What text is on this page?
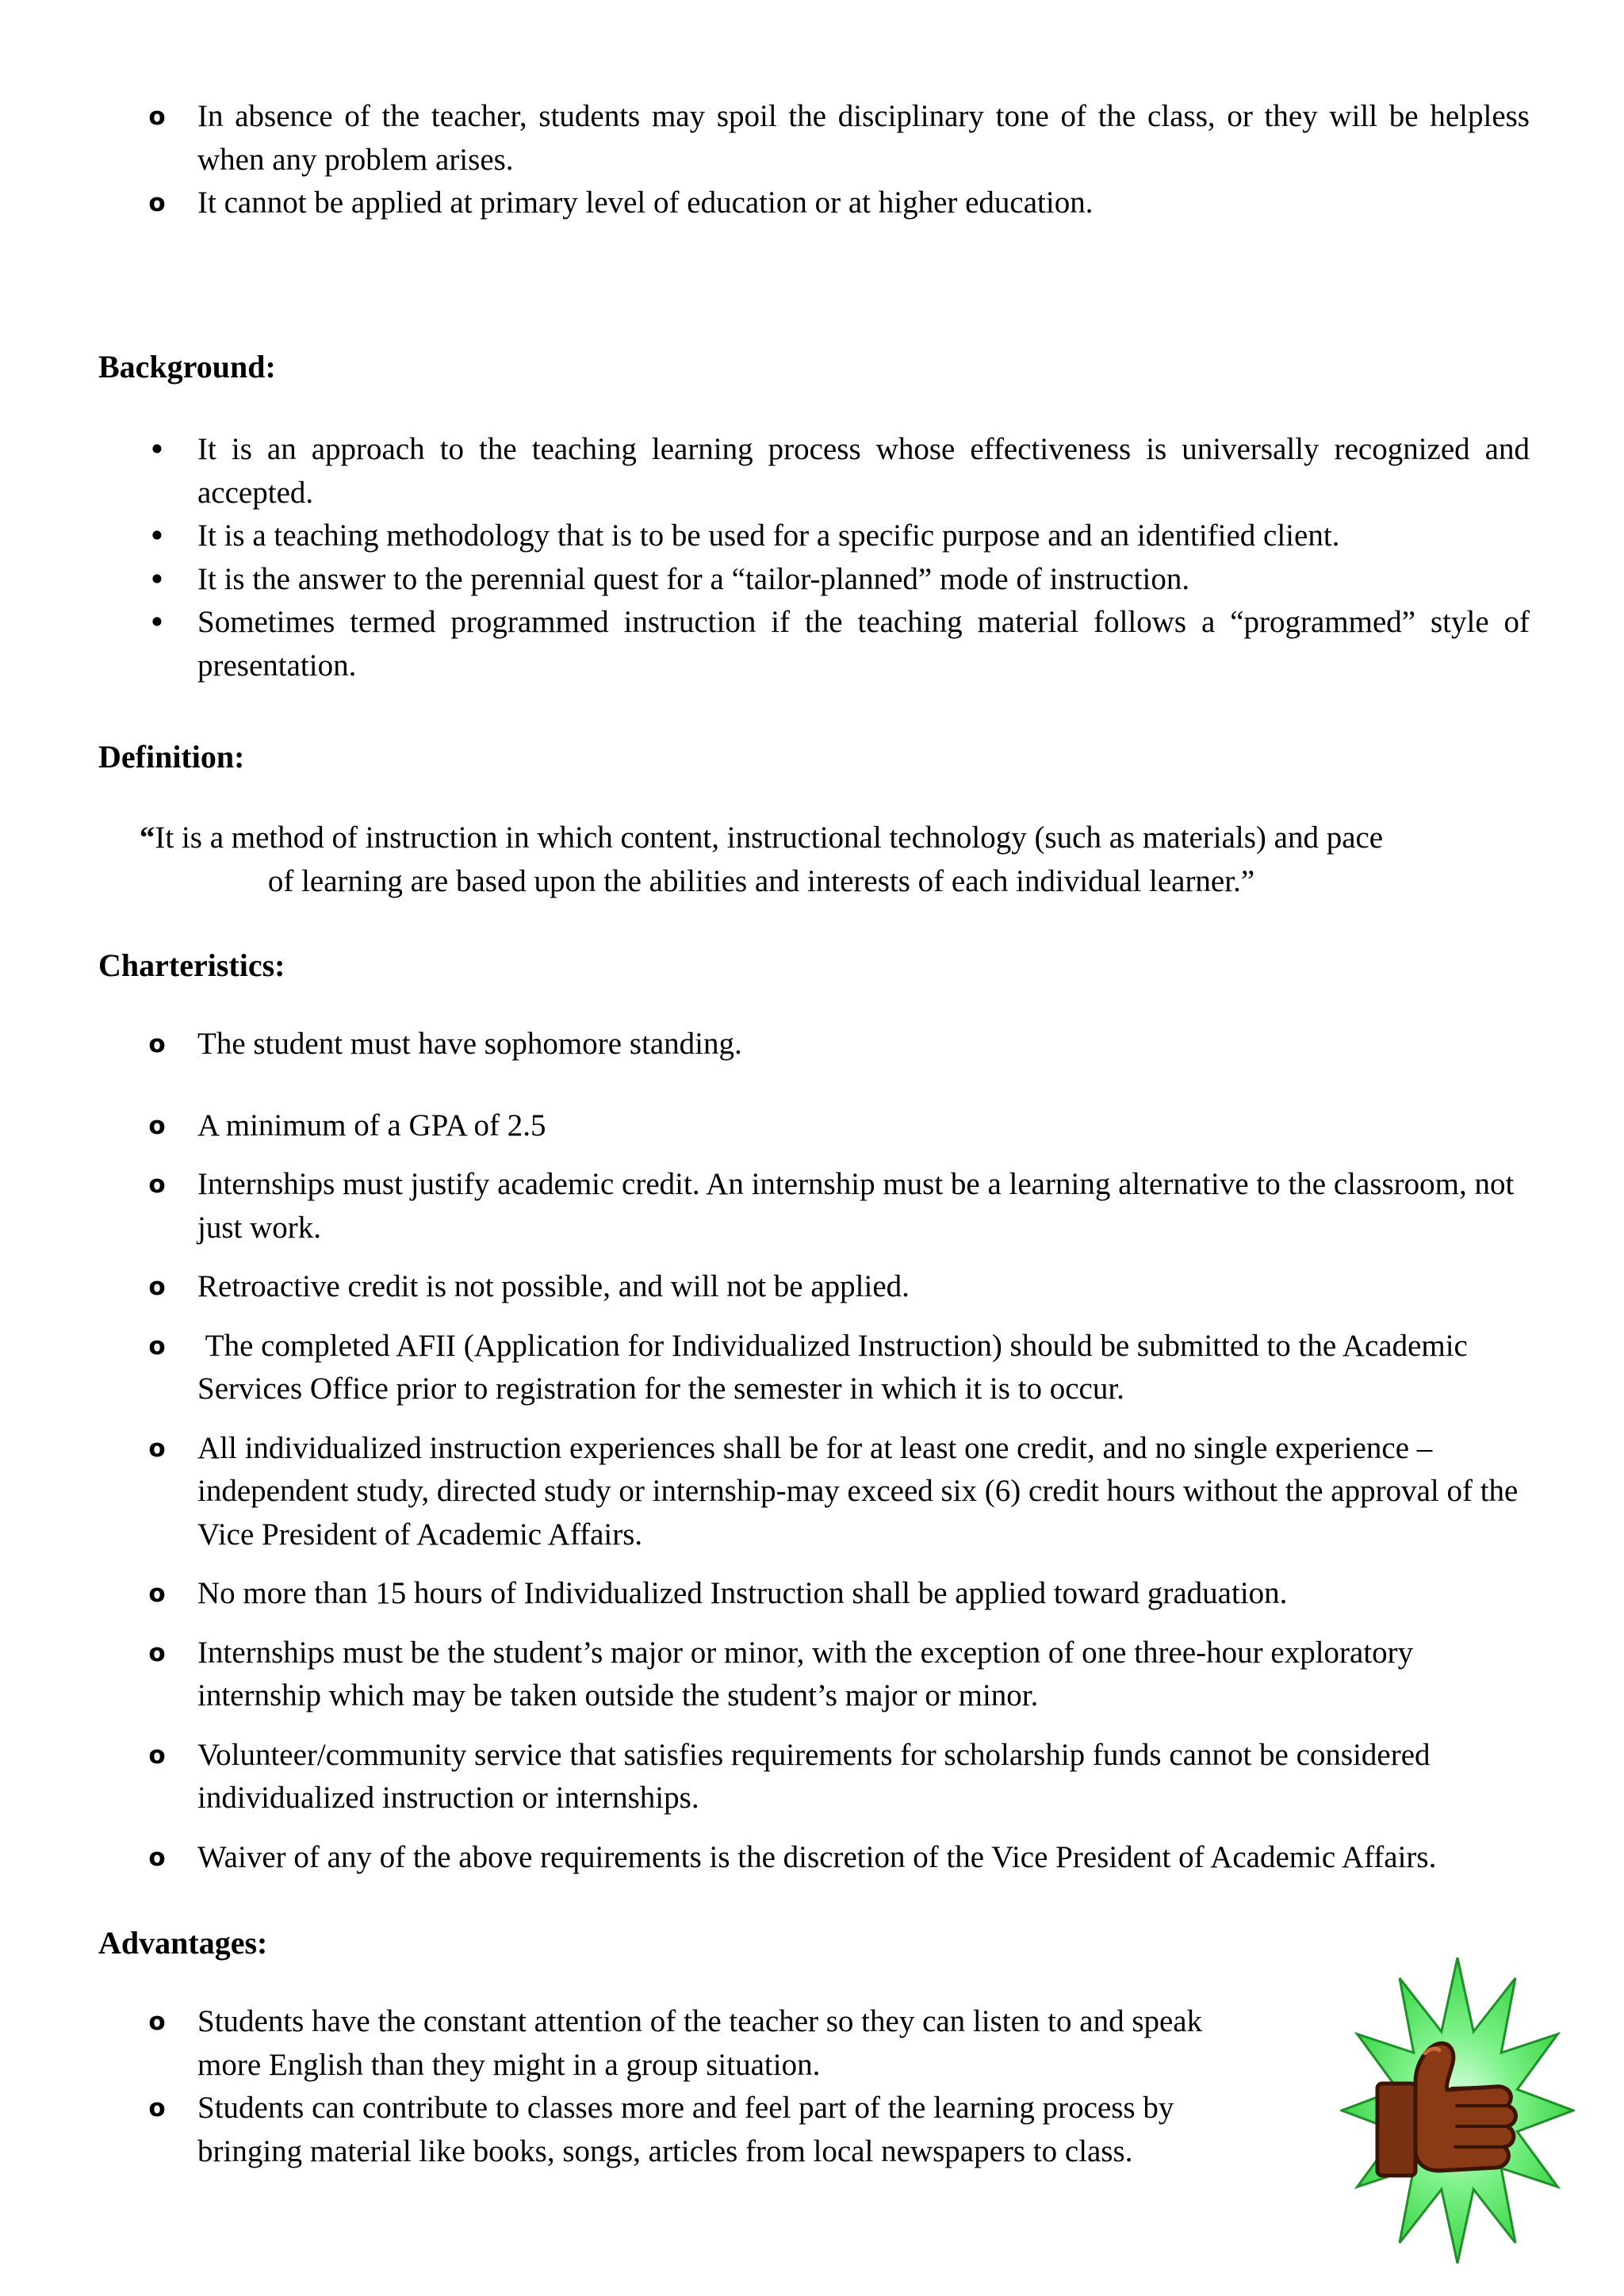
o In absence of the teacher, students may spoil the disciplinary tone of the class, or they will be helpless when any problem arises.
o It cannot be applied at primary level of education or at higher education.
Background:
• It is an approach to the teaching learning process whose effectiveness is universally recognized and accepted.
• It is a teaching methodology that is to be used for a specific purpose and an identified client.
• It is the answer to the perennial quest for a “tailor-planned” mode of instruction.
• Sometimes termed programmed instruction if the teaching material follows a “programmed” style of presentation.
Definition:

“It is a method of instruction in which content, instructional technology (such as materials) and pace of learning are based upon the abilities and interests of each individual learner.”

Charteristics:
o The student must have sophomore standing.
o A minimum of a GPA of 2.5
o Internships must justify academic credit. An internship must be a learning alternative to the classroom, not just work.
o Retroactive credit is not possible, and will not be applied.
o The completed AFII (Application for Individualized Instruction) should be submitted to the Academic Services Office prior to registration for the semester in which it is to occur.
o All individualized instruction experiences shall be for at least one credit, and no single experience – independent study, directed study or internship-may exceed six (6) credit hours without the approval of the Vice President of Academic Affairs.
o No more than 15 hours of Individualized Instruction shall be applied toward graduation.
o Internships must be the student’s major or minor, with the exception of one three-hour exploratory internship which may be taken outside the student’s major or minor.
o Volunteer/community service that satisfies requirements for scholarship funds cannot be considered individualized instruction or internships.
o Waiver of any of the above requirements is the discretion of the Vice President of Academic Affairs.
Advantages:
o Students have the constant attention of the teacher so they can listen to and speak more English than they might in a group situation.
o Students can contribute to classes more and feel part of the learning process by bringing material like books, songs, articles from local newspapers to class.
